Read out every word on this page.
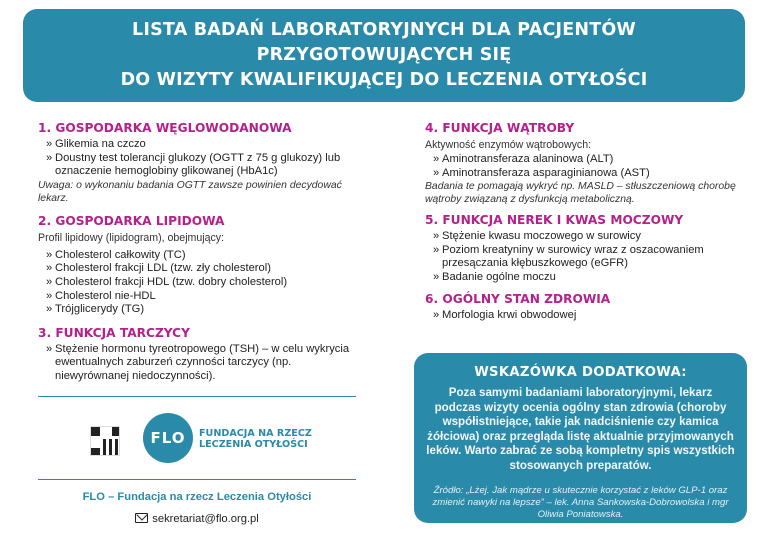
LISTA BADAŃ LABORATORYJNYCH DLA PACJENTÓW
PRZYGOTOWUJĄCYCH SIĘ
DO WIZYTY KWALIFIKUJĄCEJ DO LECZENIA OTYŁOŚCI
1. GOSPODARKA WĘGLOWODANOWA
» Glikemia na czczo
» Doustny test tolerancji glukozy (OGTT z 75 g glukozy) lub oznaczenie hemoglobiny glikowanej (HbA1c)
Uwaga: o wykonaniu badania OGTT zawsze powinien decydować lekarz.
2. GOSPODARKA LIPIDOWA
Profil lipidowy (lipidogram), obejmujący:
» Cholesterol całkowity (TC)
» Cholesterol frakcji LDL (tzw. zły cholesterol)
» Cholesterol frakcji HDL (tzw. dobry cholesterol)
» Cholesterol nie-HDL
» Trójglicerydy (TG)
3. FUNKCJA TARCZYCY
» Stężenie hormonu tyreotropowego (TSH) – w celu wykrycia ewentualnych zaburzeń czynności tarczycy (np. niewyrównanej niedoczynności).
FLO FUNDACJA NA RZECZ
LECZENIA OTYŁOŚCI
FLO – Fundacja na rzecz Leczenia Otyłości
sekretariat@flo.org.pl
4. FUNKCJA WĄTROBY
Aktywność enzymów wątrobowych:
» Aminotransferaza alaninowa (ALT)
» Aminotransferaza asparaginianowa (AST)
Badania te pomagają wykryć np. MASLD – stłuszczeniową chorobę wątroby związaną z dysfunkcją metaboliczną.
5. FUNKCJA NEREK I KWAS MOCZOWY
» Stężenie kwasu moczowego w surowicy
» Poziom kreatyniny w surowicy wraz z oszacowaniem przesączania kłębuszkowego (eGFR)
» Badanie ogólne moczu
6. OGÓLNY STAN ZDROWIA
» Morfologia krwi obwodowej
WSKAZÓWKA DODATKOWA:
Poza samymi badaniami laboratoryjnymi, lekarz podczas wizyty ocenia ogólny stan zdrowia (choroby współistniejące, takie jak nadciśnienie czy kamica żółciowa) oraz przegląda listę aktualnie przyjmowanych leków. Warto zabrać ze sobą kompletny spis wszystkich stosowanych preparatów.
Źródło: „Lżej. Jak mądrze u skutecznie korzystać z leków GLP-1 oraz zmienić nawyki na lepsze” – lek. Anna Sankowska-Dobrowolska i mgr Oliwia Poniatowska.
